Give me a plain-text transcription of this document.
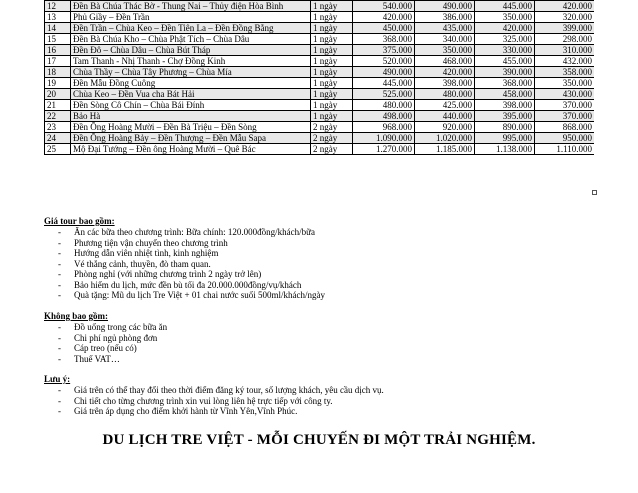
12	Đền Bà Chúa Thác Bờ - Thung Nai – Thủy điện Hòa Bình	1 ngày	540.000	490.000	445.000	420.000
13	Phủ Giầy – Đền Trần	1 ngày	420.000	386.000	350.000	320.000
14	Đền Trần – Chùa Keo – Đền Tiên La – Đền Đồng Bằng	1 ngày	450.000	435.000	420.000	399.000
15	Đền Bà Chúa Kho – Chùa Phật Tích – Chùa Dâu	1 ngày	368.000	340.000	325.000	298.000
16	Đền Đô – Chùa Dâu – Chùa Bút Tháp	1 ngày	375.000	350.000	330.000	310.000
17	Tam Thanh - Nhị Thanh - Chợ Đồng Kinh	1 ngày	520.000	468.000	455.000	432.000
18	Chùa Thầy – Chùa Tây Phương – Chùa Mía	1 ngày	490.000	420.000	390.000	358.000
19	Đền Mẫu Đồng Cuông	1 ngày	445.000	398.000	368.000	350.000
20	Chùa Keo – Đền Vua cha Bát Hải	1 ngày	525.000	480.000	458.000	430.000
21	Đền Sòng Cô Chín – Chùa Bái Đính	1 ngày	480.000	425.000	398.000	370.000
22	Bảo Hà	1 ngày	498.000	440.000	395.000	370.000
23	Đền Ông Hoàng Mười – Đền Bà Triệu – Đền Sòng	2 ngày	968.000	920.000	890.000	868.000
24	Đền Ông Hoàng Bảy – Đền Thượng – Đền Mẫu Sapa	2 ngày	1.090.000	1.020.000	995.000	950.000
25	Mộ Đại Tướng – Đền ông Hoàng Mười – Quê Bác	2 ngày	1.270.000	1.185.000	1.138.000	1.110.000
Giá tour bao gồm:
- Ăn các bữa theo chương trình: Bữa chính: 120.000đồng/khách/bữa
- Phương tiện vận chuyển theo chương trình
- Hướng dẫn viên nhiệt tình, kinh nghiệm
- Vé thắng cảnh, thuyền, đò tham quan.
- Phòng nghỉ (với những chương trình 2 ngày trở lên)
- Bảo hiểm du lịch, mức đền bù tối đa 20.000.000đồng/vụ/khách
- Quà tặng: Mũ du lịch Tre Việt + 01 chai nước suối 500ml/khách/ngày
Không bao gồm:
- Đồ uống trong các bữa ăn
- Chi phí ngủ phòng đơn
- Cáp treo (nếu có)
- Thuế VAT…
Lưu ý:
- Giá trên có thể thay đổi theo thời điểm đăng ký tour, số lượng khách, yêu cầu dịch vụ.
- Chi tiết cho từng chương trình xin vui lòng liên hệ trực tiếp với công ty.
- Giá trên áp dụng cho điểm khởi hành từ Vĩnh Yên,Vĩnh Phúc.
DU LỊCH TRE VIỆT - MỖI CHUYẾN ĐI MỘT TRẢI NGHIỆM.
